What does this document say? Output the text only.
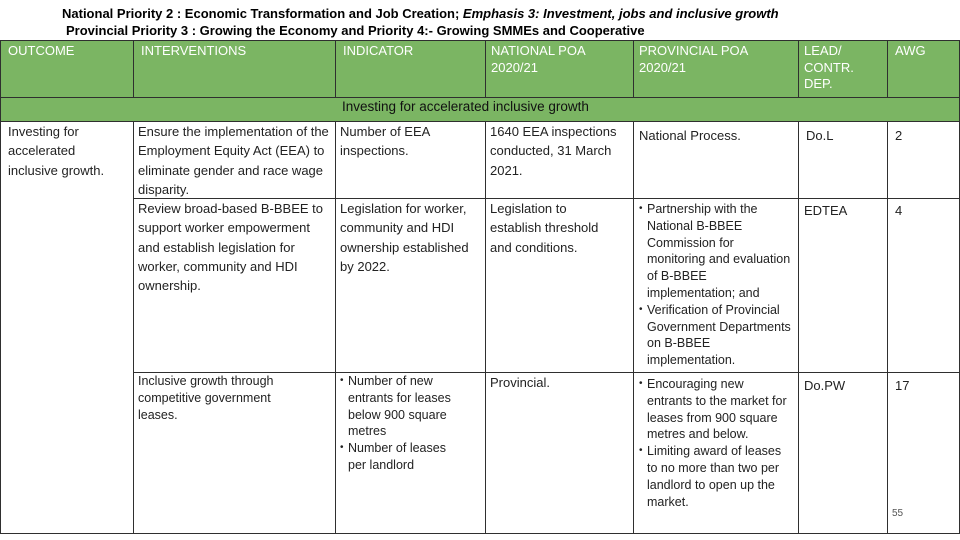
National Priority 2 : Economic Transformation and Job Creation; Emphasis 3: Investment, jobs and inclusive growth
Provincial Priority 3 : Growing the Economy and Priority 4:- Growing SMMEs and Cooperative
OUTCOME	INTERVENTIONS	INDICATOR	NATIONAL POA 2020/21
PROVINCIAL POA 2020/21
LEAD/ CONTR. DEP.
AWG
Investing for accelerated inclusive growth
Investing for accelerated inclusive growth.
Ensure the implementation of the Employment Equity Act (EEA) to eliminate gender and race wage disparity.
Number of EEA inspections.
1640 EEA inspections conducted, 31 March 2021.
National Process.	Do.L	2
Review broad-based B-BBEE to support worker empowerment and establish legislation for worker, community and HDI ownership.
Legislation for worker, community and HDI ownership established by 2022.
Legislation to establish threshold and conditions.

• Partnership with the National B-BBEE Commission for monitoring and evaluation of B-BBEE implementation; and

• Verification of Provincial Government Departments on B-BBEE implementation.

EDTEA	4
Inclusive growth through competitive government leases.

• Number of new entrants for leases below 900 square metres

• Number of leases per landlord

Provincial.

•	Encouraging new entrants to the market for leases from 900 square metres and below.

• Limiting award of leases to no more than two per landlord to open up the market.

Do.PW	17
55
